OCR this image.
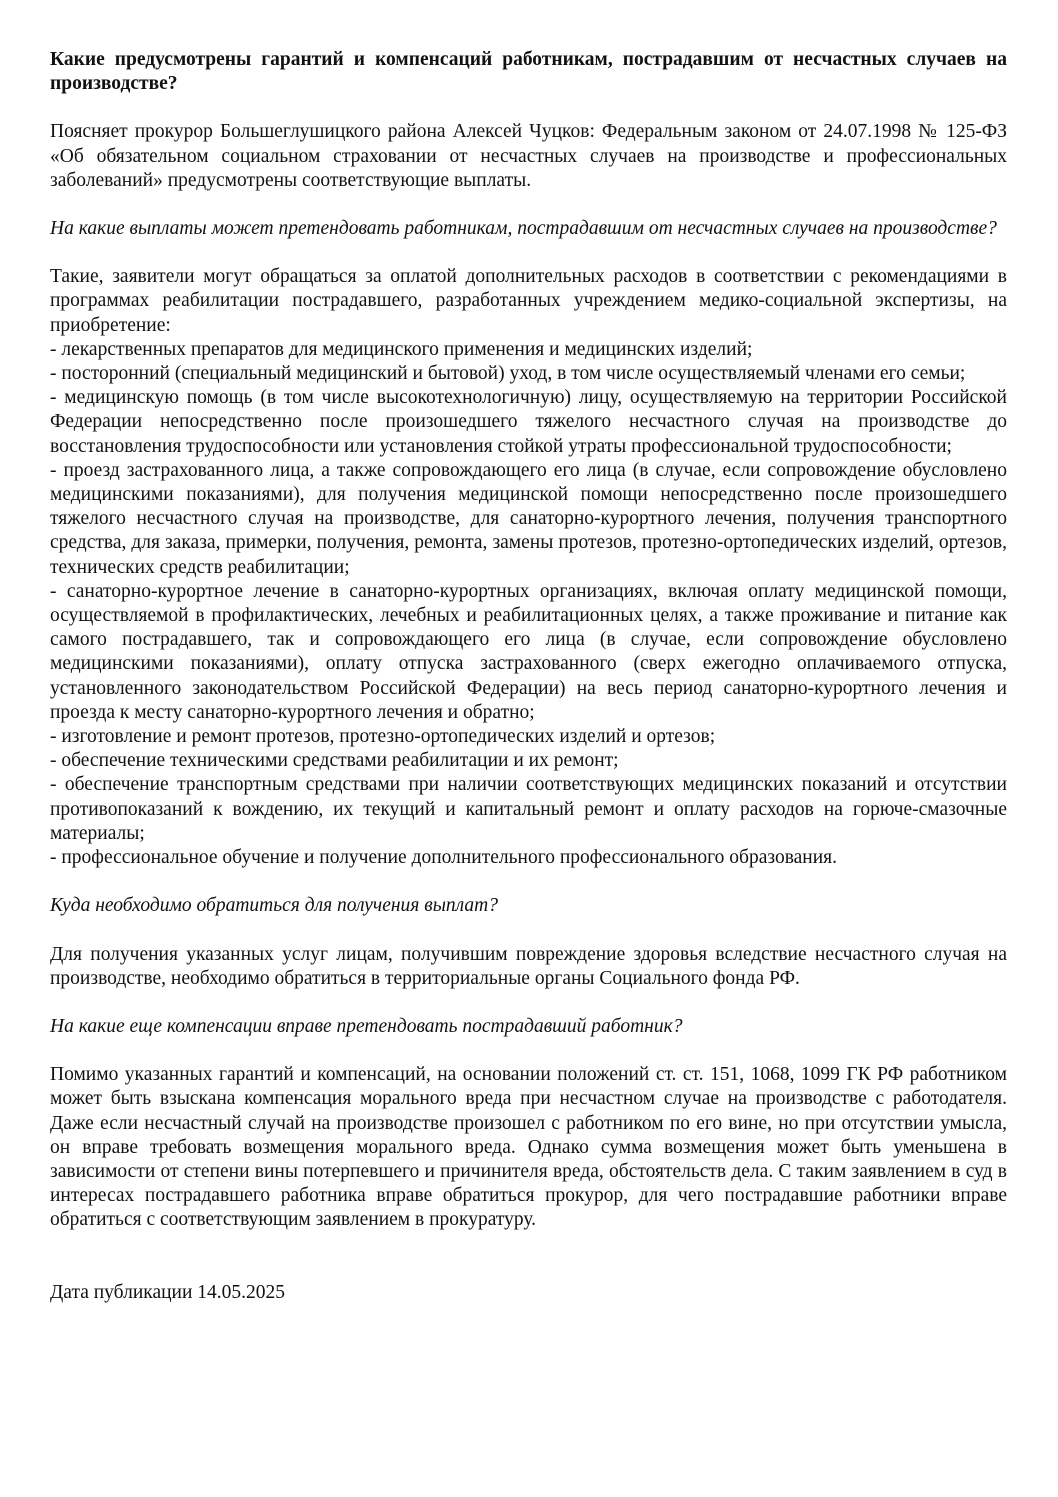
Какие предусмотрены гарантий и компенсаций работникам, пострадавшим от несчастных случаев на производстве?

Поясняет прокурор Большеглушицкого района Алексей Чуцков: Федеральным законом от 24.07.1998 № 125-ФЗ «Об обязательном социальном страховании от несчастных случаев на производстве и профессиональных заболеваний» предусмотрены соответствующие выплаты.

На какие выплаты может претендовать работникам, пострадавшим от несчастных случаев на производстве?

Такие, заявители могут обращаться за оплатой дополнительных расходов в соответствии с рекомендациями в программах реабилитации пострадавшего, разработанных учреждением медико-социальной экспертизы, на приобретение:

- лекарственных препаратов для медицинского применения и медицинских изделий;

- посторонний (специальный медицинский и бытовой) уход, в том числе осуществляемый членами его семьи;

- медицинскую помощь (в том числе высокотехнологичную) лицу, осуществляемую на территории Российской Федерации непосредственно после произошедшего тяжелого несчастного случая на производстве до восстановления трудоспособности или установления стойкой утраты профессиональной трудоспособности;

- проезд застрахованного лица, а также сопровождающего его лица (в случае, если сопровождение обусловлено медицинскими показаниями), для получения медицинской помощи непосредственно после произошедшего тяжелого несчастного случая на производстве, для санаторно-курортного лечения, получения транспортного средства, для заказа, примерки, получения, ремонта, замены протезов, протезно-ортопедических изделий, ортезов, технических средств реабилитации;

- санаторно-курортное лечение в санаторно-курортных организациях, включая оплату медицинской помощи, осуществляемой в профилактических, лечебных и реабилитационных целях, а также проживание и питание как самого пострадавшего, так и сопровождающего его лица (в случае, если сопровождение обусловлено медицинскими показаниями), оплату отпуска застрахованного (сверх ежегодно оплачиваемого отпуска, установленного законодательством Российской Федерации) на весь период санаторно-курортного лечения и проезда к месту санаторно-курортного лечения и обратно;

- изготовление и ремонт протезов, протезно-ортопедических изделий и ортезов;

- обеспечение техническими средствами реабилитации и их ремонт;

- обеспечение транспортным средствами при наличии соответствующих медицинских показаний и отсутствии противопоказаний к вождению, их текущий и капитальный ремонт и оплату расходов на горюче-смазочные материалы;

- профессиональное обучение и получение дополнительного профессионального образования.

Куда необходимо обратиться для получения выплат?

Для получения указанных услуг лицам, получившим повреждение здоровья вследствие несчастного случая на производстве, необходимо обратиться в территориальные органы Социального фонда РФ.

На какие еще компенсации вправе претендовать пострадавший работник?

Помимо указанных гарантий и компенсаций, на основании положений ст. ст. 151, 1068, 1099 ГК РФ работником может быть взыскана компенсация морального вреда при несчастном случае на производстве с работодателя. Даже если несчастный случай на производстве произошел с работником по его вине, но при отсутствии умысла, он вправе требовать возмещения морального вреда. Однако сумма возмещения может быть уменьшена в зависимости от степени вины потерпевшего и причинителя вреда, обстоятельств дела. С таким заявлением в суд в интересах пострадавшего работника вправе обратиться прокурор, для чего пострадавшие работники вправе обратиться с соответствующим заявлением в прокуратуру.

Дата публикации 14.05.2025
